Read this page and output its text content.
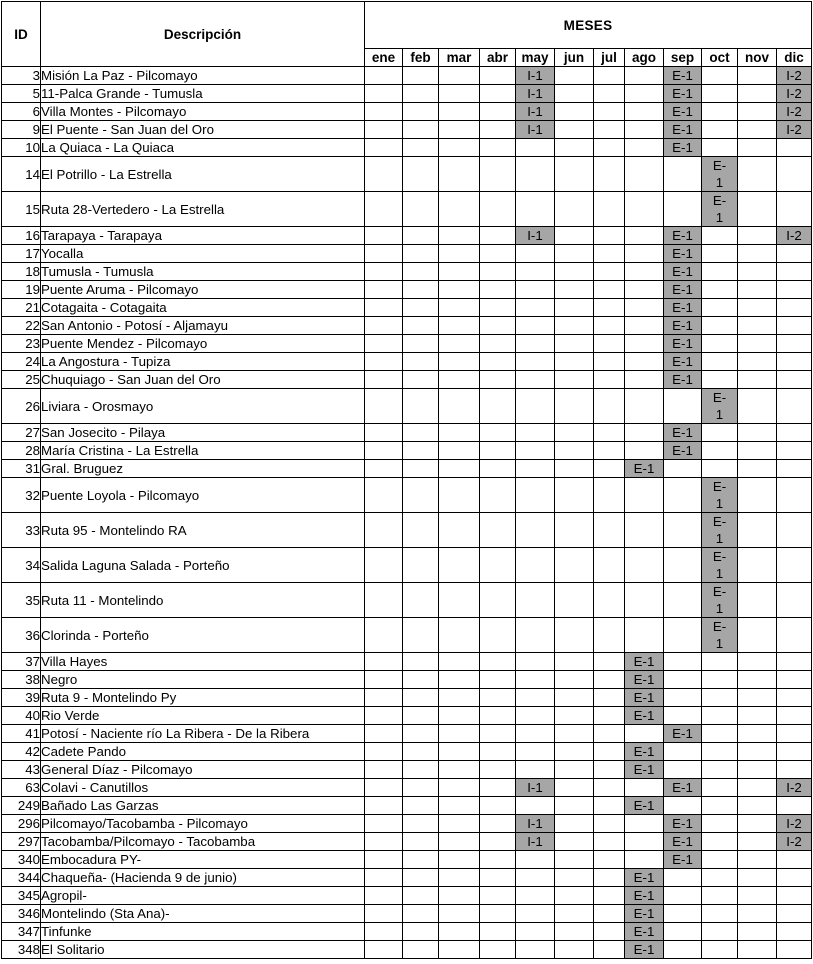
ID	Descripción	MESES											
		ene	feb	mar	abr	may	jun	jul	ago	sep	oct	nov	dic
3	Misión La Paz - Pilcomayo					I-1				E-1			I-2
5	11-Palca Grande - Tumusla					I-1				E-1			I-2
6	Villa Montes - Pilcomayo					I-1				E-1			I-2
9	El Puente - San Juan del Oro					I-1				E-1			I-2
10	La Quiaca - La Quiaca									E-1			
14	El Potrillo - La Estrella										E-1		
15	Ruta 28-Vertedero - La Estrella										E-1		
16	Tarapaya - Tarapaya					I-1				E-1			I-2
17	Yocalla									E-1			
18	Tumusla - Tumusla									E-1			
19	Puente Aruma - Pilcomayo									E-1			
21	Cotagaita - Cotagaita									E-1			
22	San Antonio - Potosí - Aljamayu									E-1			
23	Puente Mendez - Pilcomayo									E-1			
24	La Angostura - Tupiza									E-1			
25	Chuquiago - San Juan del Oro									E-1			
26	Liviara - Orosmayo										E-1		
27	San Josecito - Pilaya									E-1			
28	María Cristina - La Estrella									E-1			
31	Gral. Bruguez								E-1				
32	Puente Loyola - Pilcomayo										E-1		
33	Ruta 95 - Montelindo RA										E-1		
34	Salida Laguna Salada - Porteño										E-1		
35	Ruta 11 - Montelindo										E-1		
36	Clorinda - Porteño										E-1		
37	Villa Hayes								E-1				
38	Negro								E-1				
39	Ruta 9 - Montelindo Py								E-1				
40	Rio Verde								E-1				
41	Potosí - Naciente río La Ribera - De la Ribera									E-1			
42	Cadete Pando								E-1				
43	General Díaz - Pilcomayo								E-1				
63	Colavi - Canutillos					I-1				E-1			I-2
249	Bañado Las Garzas								E-1				
296	Pilcomayo/Tacobamba - Pilcomayo					I-1				E-1			I-2
297	Tacobamba/Pilcomayo - Tacobamba					I-1				E-1			I-2
340	Embocadura PY-									E-1			
344	Chaqueña- (Hacienda 9 de junio)								E-1				
345	Agropil-								E-1				
346	Montelindo (Sta Ana)-								E-1				
347	Tinfunke								E-1				
348	El Solitario								E-1				
